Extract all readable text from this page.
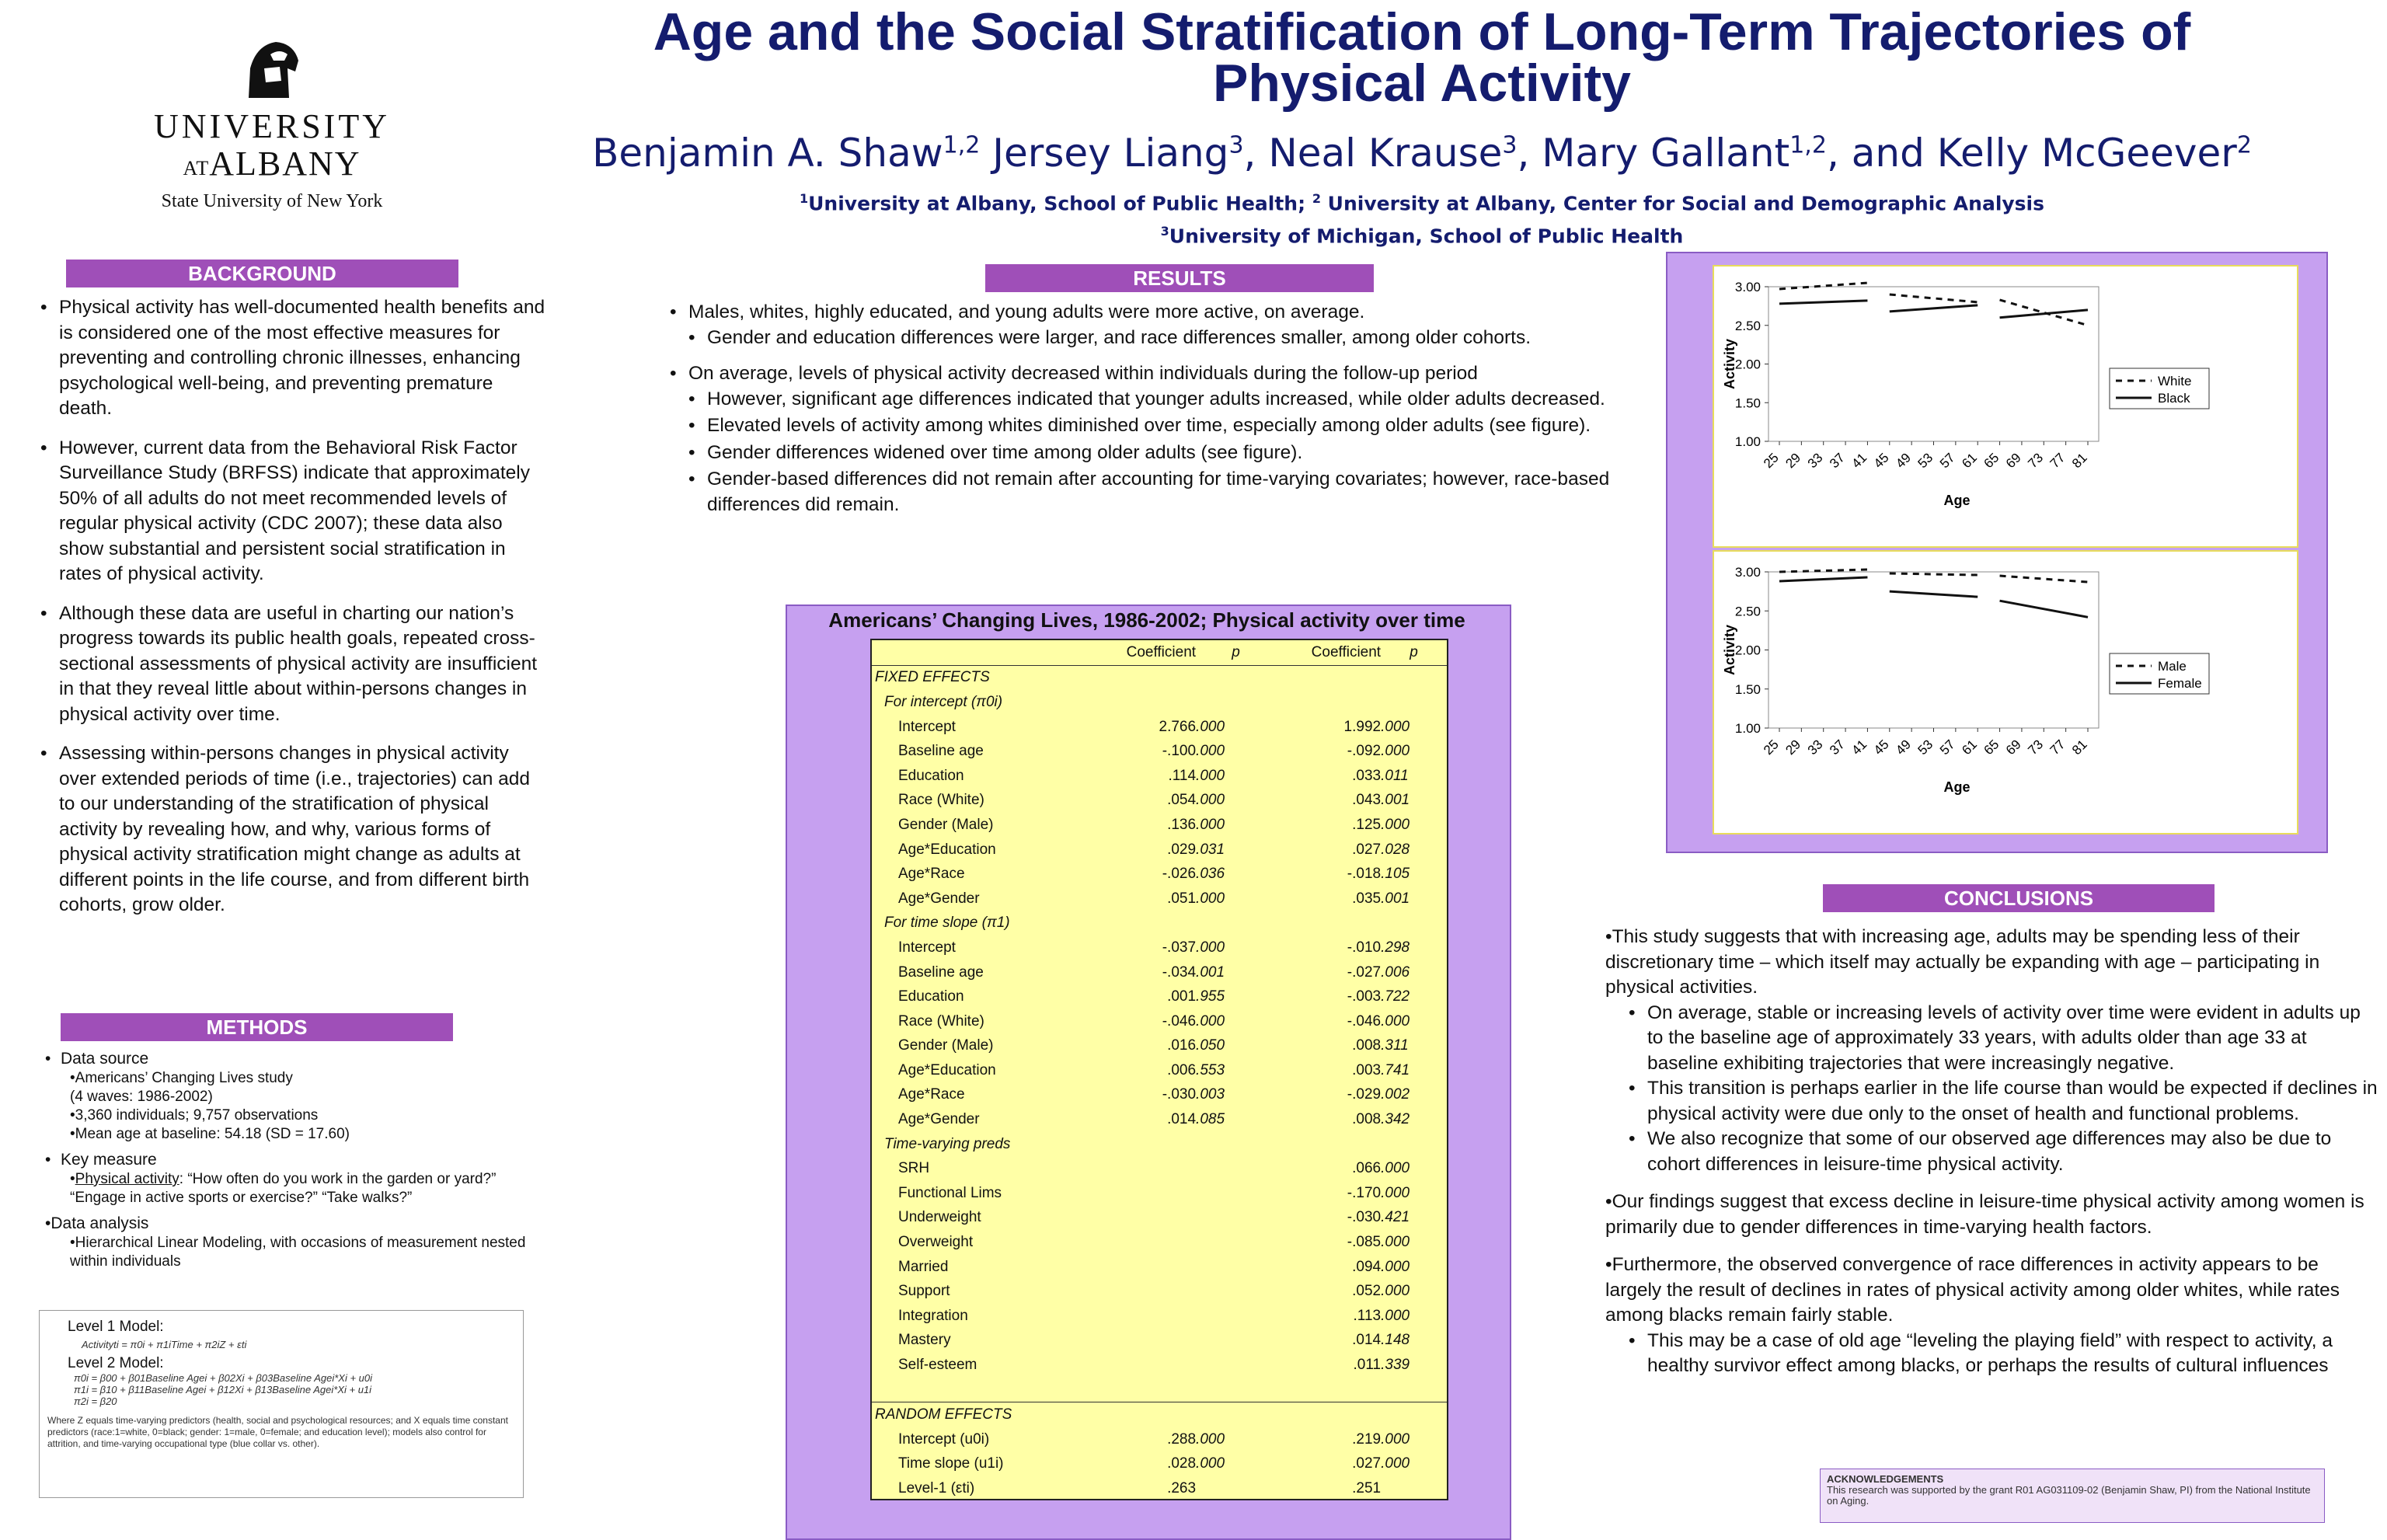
UNIVERSITY
ATALBANY
State University of New York
Age and the Social Stratification of Long-Term Trajectories of
Physical Activity
Benjamin A. Shaw$^{1,2}$ Jersey Liang$^3$, Neal Krause$^3$, Mary Gallant$^{1,2}$, and Kelly McGeever$^2$
$^1$University at Albany, School of Public Health; $^2$ University at Albany, Center for Social and Demographic Analysis
$^3$University of Michigan, School of Public Health
BACKGROUND
• Physical activity has well-documented health benefits and is considered one of the most effective measures for preventing and controlling chronic illnesses, enhancing psychological well-being, and preventing premature death.
• However, current data from the Behavioral Risk Factor Surveillance Study (BRFSS) indicate that approximately 50% of all adults do not meet recommended levels of regular physical activity (CDC 2007); these data also show substantial and persistent social stratification in rates of physical activity.
• Although these data are useful in charting our nation’s progress towards its public health goals, repeated cross-sectional assessments of physical activity are insufficient in that they reveal little about within-persons changes in physical activity over time.
• Assessing within-persons changes in physical activity over extended periods of time (i.e., trajectories) can add to our understanding of the stratification of physical activity by revealing how, and why, various forms of physical activity stratification might change as adults at different points in the life course, and from different birth cohorts, grow older.
METHODS
• Data source
•Americans’ Changing Lives study
(4 waves: 1986-2002)
•3,360 individuals; 9,757 observations
•Mean age at baseline: 54.18 (SD = 17.60)
• Key measure
•Physical activity: “How often do you work in the garden or yard?” “Engage in active sports or exercise?” “Take walks?”
•Data analysis
•Hierarchical Linear Modeling, with occasions of measurement nested within individuals
Level 1 Model:
Activityti = π0i + π1iTime + π2iZ + εti
Level 2 Model:
π0i = β00 + β01Baseline Agei + β02Xi + β03Baseline Agei*Xi + u0i
π1i = β10 + β11Baseline Agei + β12Xi + β13Baseline Agei*Xi + u1i
π2i = β20
Where Z equals time-varying predictors (health, social and psychological resources; and X equals time constant predictors (race:1=white, 0=black; gender: 1=male, 0=female; and education level); models also control for attrition, and time-varying occupational type (blue collar vs. other).
RESULTS
• Males, whites, highly educated, and young adults were more active, on average.
• Gender and education differences were larger, and race differences smaller, among older cohorts.
• On average, levels of physical activity decreased within individuals during the follow-up period
• However, significant age differences indicated that younger adults increased, while older adults decreased.
• Elevated levels of activity among whites diminished over time, especially among older adults (see figure).
• Gender differences widened over time among older adults (see figure).
• Gender-based differences did not remain after accounting for time-varying covariates; however, race-based differences did remain.
Americans’ Changing Lives, 1986-2002; Physical activity over time
	Coefficient	p	Coefficient	p
FIXED EFFECTS				
For intercept (π0i)				
Intercept	2.766	.000	1.992	.000
Baseline age	-.100	.000	-.092	.000
Education	.114	.000	.033	.011
Race (White)	.054	.000	.043	.001
Gender (Male)	.136	.000	.125	.000
Age*Education	.029	.031	.027	.028
Age*Race	-.026	.036	-.018	.105
Age*Gender	.051	.000	.035	.001
For time slope (π1)				
Intercept	-.037	.000	-.010	.298
Baseline age	-.034	.001	-.027	.006
Education	.001	.955	-.003	.722
Race (White)	-.046	.000	-.046	.000
Gender (Male)	.016	.050	.008	.311
Age*Education	.006	.553	.003	.741
Age*Race	-.030	.003	-.029	.002
Age*Gender	.014	.085	.008	.342
Time-varying preds				
SRH			.066	.000
Functional Lims			-.170	.000
Underweight			-.030	.421
Overweight			-.085	.000
Married			.094	.000
Support			.052	.000
Integration			.113	.000
Mastery			.014	.148
Self-esteem			.011	.339

RANDOM EFFECTS				
Intercept (u0i)	.288	.000	.219	.000
Time slope (u1i)	.028	.000	.027	.000
Level-1 (εti)	.263		.251	
1.00
1.50
2.00
2.50
3.00
25 29 33 37 41 45 49 53 57 61 65 69 73 77 81
Age
Activity	White
Black
1.00
1.50
2.00
2.50
3.00
25 29 33 37 41 45 49 53 57 61 65 69 73 77 81
Age
Activity	Male
Female
CONCLUSIONS
•This study suggests that with increasing age, adults may be spending less of their discretionary time – which itself may actually be expanding with age – participating in physical activities.
• On average, stable or increasing levels of activity over time were evident in adults up to the baseline age of approximately 33 years, with adults older than age 33 at baseline exhibiting trajectories that were increasingly negative.
• This transition is perhaps earlier in the life course than would be expected if declines in physical activity were due only to the onset of health and functional problems.
• We also recognize that some of our observed age differences may also be due to cohort differences in leisure-time physical activity.
•Our findings suggest that excess decline in leisure-time physical activity among women is primarily due to gender differences in time-varying health factors.
•Furthermore, the observed convergence of race differences in activity appears to be largely the result of declines in rates of physical activity among older whites, while rates among blacks remain fairly stable.
• This may be a case of old age “leveling the playing field” with respect to activity, a healthy survivor effect among blacks, or perhaps the results of cultural influences
ACKNOWLEDGEMENTS
This research was supported by the grant R01 AG031109-02 (Benjamin Shaw, PI) from the National Institute on Aging.
